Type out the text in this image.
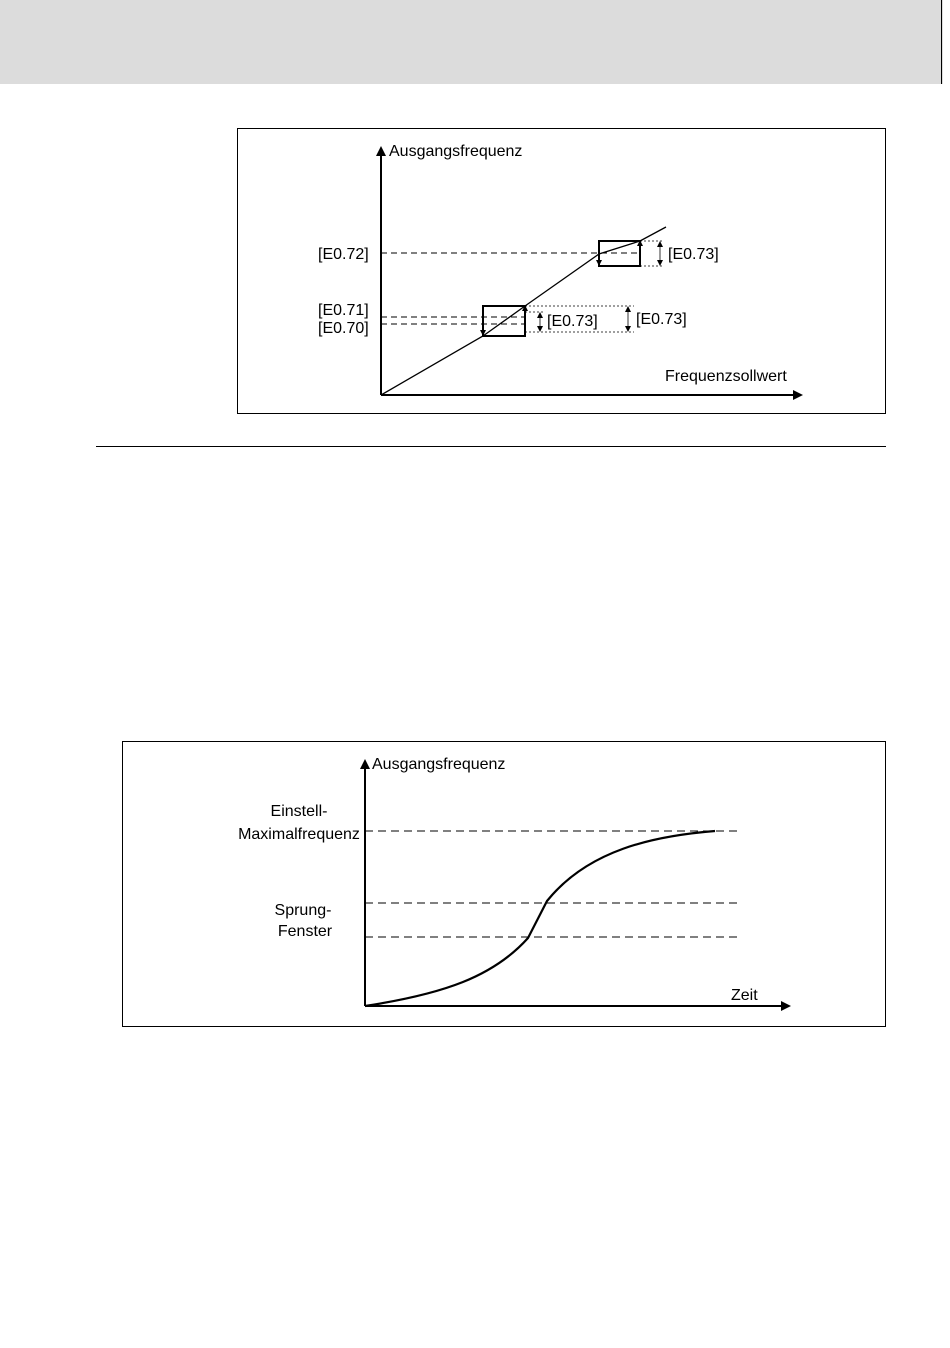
Ausgangsfrequenz
Frequenzsollwert
[E0.72]
[E0.71]
[E0.70]
[E0.73]
[E0.73] [E0.73]
Ausgangsfrequenz
Zeit
Einstell-
Maximalfrequenz
Sprung-
Fenster
